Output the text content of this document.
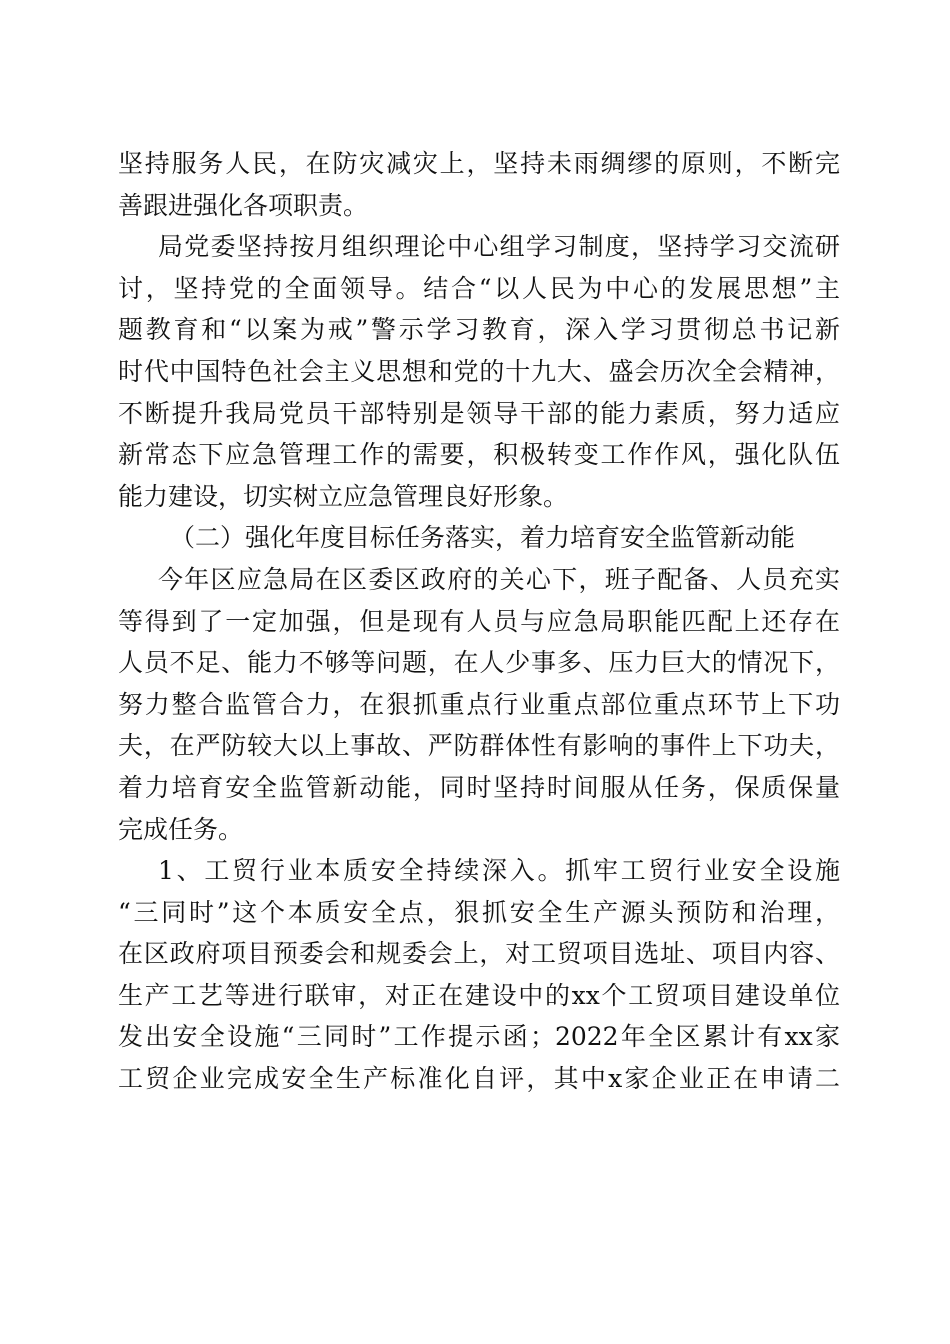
坚持服务人民，在防灾减灾上，坚持未雨绸缪的原则，不断完
善跟进强化各项职责。
局党委坚持按月组织理论中心组学习制度，坚持学习交流研
讨，坚持党的全面领导。结合“以人民为中心的发展思想”主
题教育和“以案为戒”警示学习教育，深入学习贯彻总书记新
时代中国特色社会主义思想和党的十九大、盛会历次全会精神，
不断提升我局党员干部特别是领导干部的能力素质，努力适应
新常态下应急管理工作的需要，积极转变工作作风，强化队伍
能力建设，切实树立应急管理良好形象。
（二）强化年度目标任务落实，着力培育安全监管新动能
今年区应急局在区委区政府的关心下，班子配备、人员充实
等得到了一定加强，但是现有人员与应急局职能匹配上还存在
人员不足、能力不够等问题，在人少事多、压力巨大的情况下，
努力整合监管合力，在狠抓重点行业重点部位重点环节上下功
夫，在严防较大以上事故、严防群体性有影响的事件上下功夫，
着力培育安全监管新动能，同时坚持时间服从任务，保质保量
完成任务。
1、工贸行业本质安全持续深入。抓牢工贸行业安全设施
“三同时”这个本质安全点，狠抓安全生产源头预防和治理，
在区政府项目预委会和规委会上，对工贸项目选址、项目内容、
生产工艺等进行联审，对正在建设中的xx个工贸项目建设单位
发出安全设施“三同时”工作提示函；2022年全区累计有xx家
工贸企业完成安全生产标准化自评，其中x家企业正在申请二
